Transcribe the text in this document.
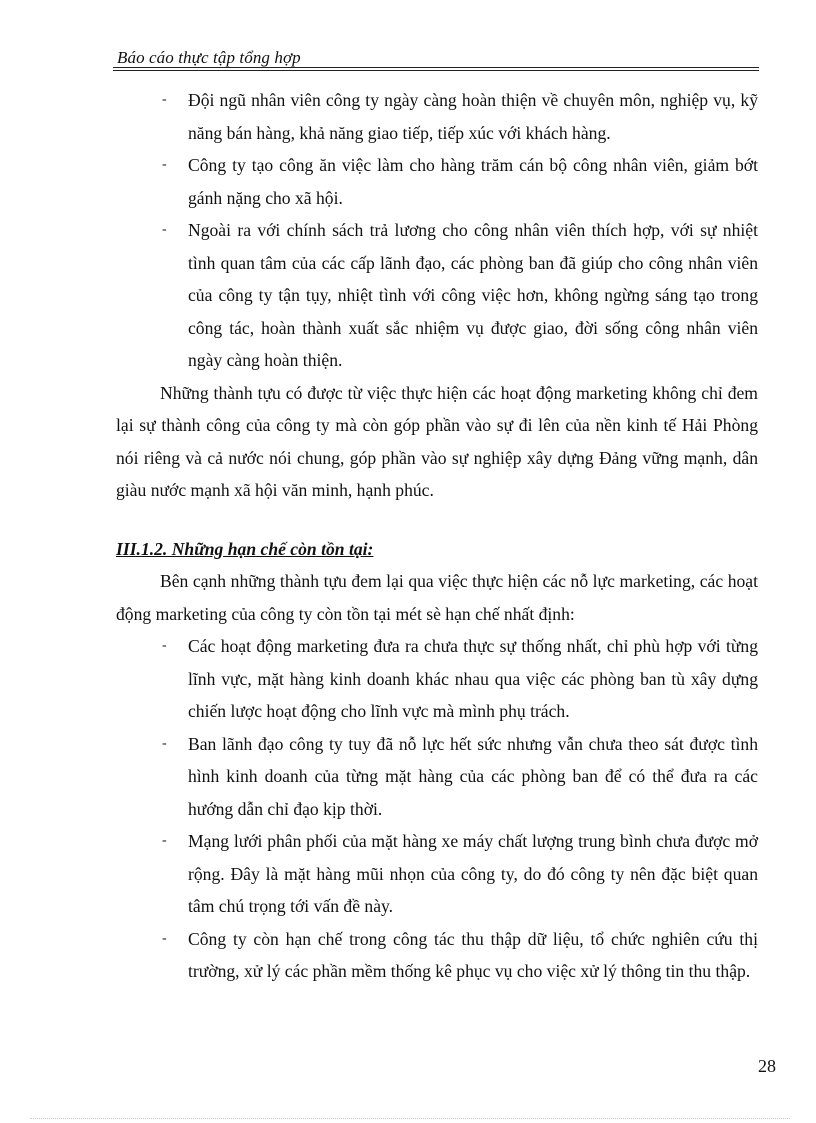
Báo cáo thực tập tổng hợp

- Đội ngũ nhân viên công ty ngày càng hoàn thiện về chuyên môn, nghiệp vụ, kỹ năng bán hàng, khả năng giao tiếp, tiếp xúc với khách hàng.

- Công ty tạo công ăn việc làm cho hàng trăm cán bộ công nhân viên, giảm bớt gánh nặng cho xã hội.

- Ngoài ra với chính sách trả lương cho công nhân viên thích hợp, với sự nhiệt tình quan tâm của các cấp lãnh đạo, các phòng ban đã giúp cho công nhân viên của công ty tận tụy, nhiệt tình với công việc hơn, không ngừng sáng tạo trong công tác, hoàn thành xuất sắc nhiệm vụ được giao, đời sống công nhân viên ngày càng hoàn thiện.

Những thành tựu có được từ việc thực hiện các hoạt động marketing không chỉ đem lại sự thành công của công ty mà còn góp phần vào sự đi lên của nền kinh tế Hải Phòng nói riêng và cả nước nói chung, góp phần vào sự nghiệp xây dựng Đảng vững mạnh, dân giàu nước mạnh xã hội văn minh, hạnh phúc.

III.1.2. Những hạn chế còn tồn tại:

Bên cạnh những thành tựu đem lại qua việc thực hiện các nỗ lực marketing, các hoạt động marketing của công ty còn tồn tại mét sè hạn chế nhất định:

- Các hoạt động marketing đưa ra chưa thực sự thống nhất, chỉ phù hợp với từng lĩnh vực, mặt hàng kinh doanh khác nhau qua việc các phòng ban tù xây dựng chiến lược hoạt động cho lĩnh vực mà mình phụ trách.

- Ban lãnh đạo công ty tuy đã nỗ lực hết sức nhưng vẫn chưa theo sát được tình hình kinh doanh của từng mặt hàng của các phòng ban để có thể đưa ra các hướng dẫn chỉ đạo kịp thời.

- Mạng lưới phân phối của mặt hàng xe máy chất lượng trung bình chưa được mở rộng. Đây là mặt hàng mũi nhọn của công ty, do đó công ty nên đặc biệt quan tâm chú trọng tới vấn đề này.

- Công ty còn hạn chế trong công tác thu thập dữ liệu, tổ chức nghiên cứu thị trường, xử lý các phần mềm thống kê phục vụ cho việc xử lý thông tin thu thập.

28
